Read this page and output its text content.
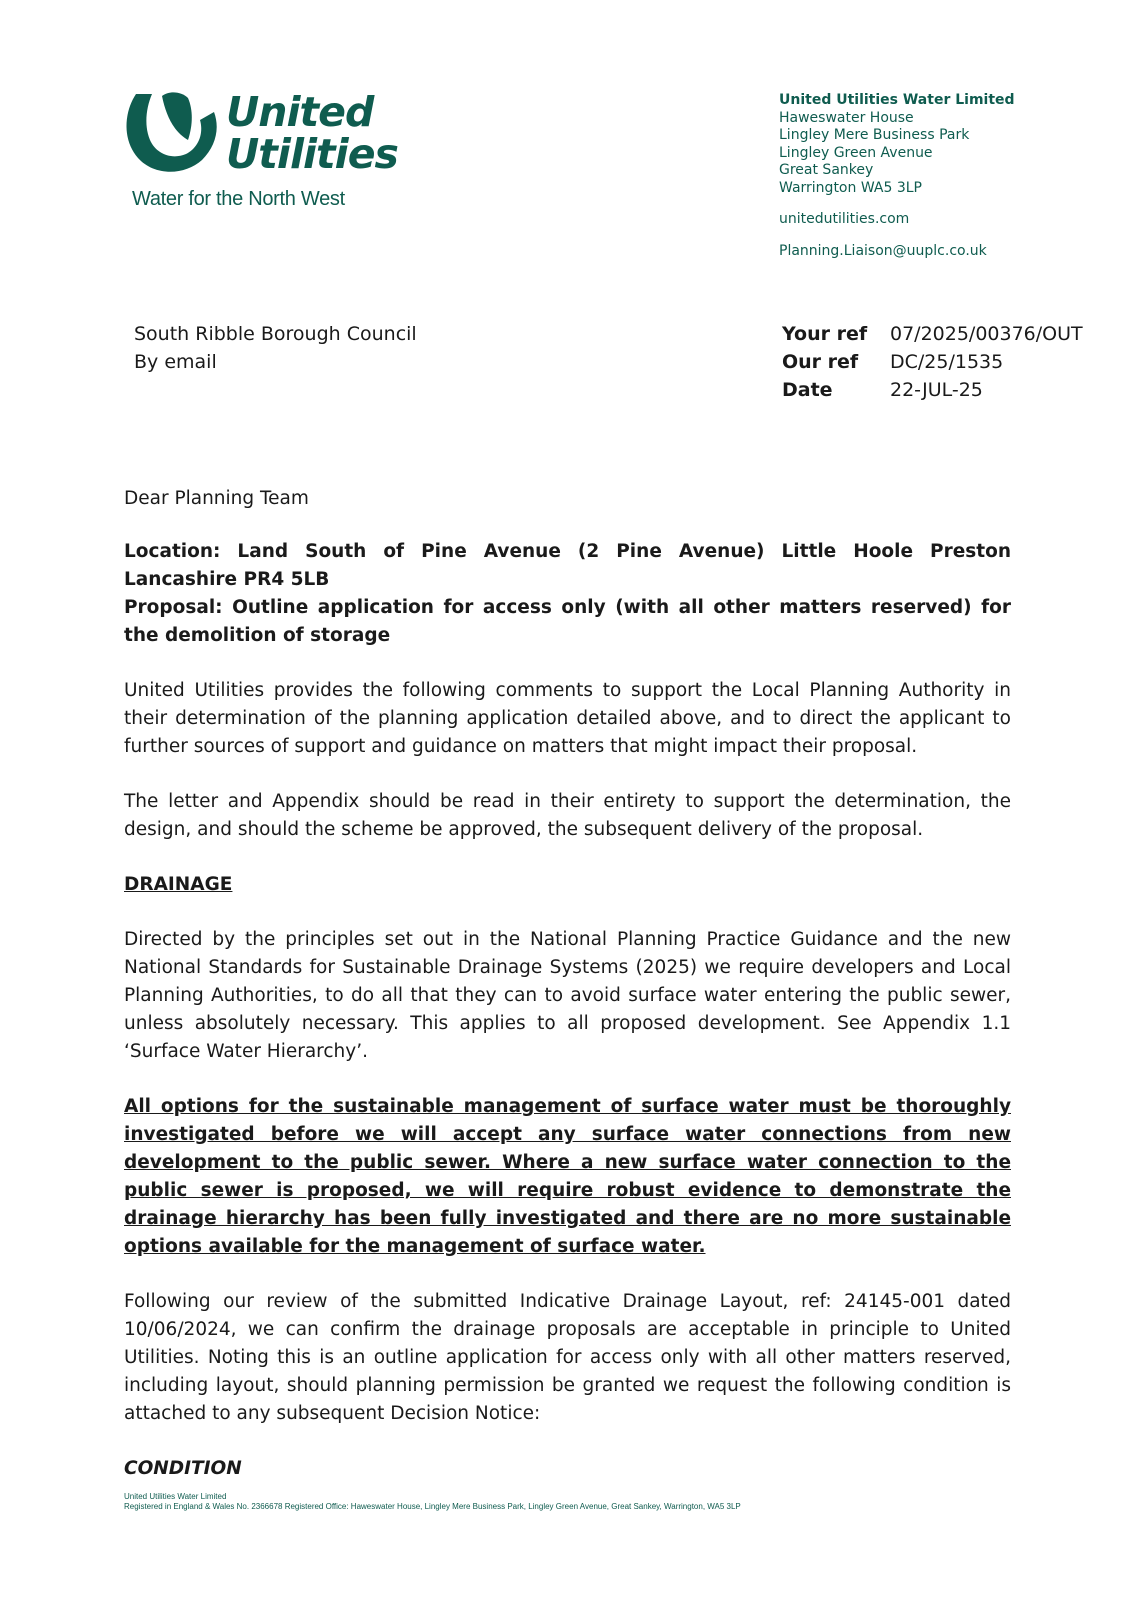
United
Utilities
Water for the North West
United Utilities Water Limited
Haweswater House
Lingley Mere Business Park
Lingley Green Avenue
Great Sankey
Warrington WA5 3LP
unitedutilities.com
Planning.Liaison@uuplc.co.uk
South Ribble Borough Council
By email
Your ref	07/2025/00376/OUT
Our ref	DC/25/1535
Date	22-JUL-25

Dear Planning Team

Location: Land South of Pine Avenue (2 Pine Avenue) Little Hoole Preston Lancashire PR4 5LB

Proposal: Outline application for access only (with all other matters reserved) for the demolition of storage

United Utilities provides the following comments to support the Local Planning Authority in their determination of the planning application detailed above, and to direct the applicant to further sources of support and guidance on matters that might impact their proposal.

The letter and Appendix should be read in their entirety to support the determination, the design, and should the scheme be approved, the subsequent delivery of the proposal.

DRAINAGE

Directed by the principles set out in the National Planning Practice Guidance and the new National Standards for Sustainable Drainage Systems (2025) we require developers and Local Planning Authorities, to do all that they can to avoid surface water entering the public sewer, unless absolutely necessary. This applies to all proposed development. See Appendix 1.1 ‘Surface Water Hierarchy’.

All options for the sustainable management of surface water must be thoroughly investigated before we will accept any surface water connections from new development to the public sewer. Where a new surface water connection to the public sewer is proposed, we will require robust evidence to demonstrate the drainage hierarchy has been fully investigated and there are no more sustainable options available for the management of surface water.

Following our review of the submitted Indicative Drainage Layout, ref: 24145-001 dated 10/06/2024, we can confirm the drainage proposals are acceptable in principle to United Utilities. Noting this is an outline application for access only with all other matters reserved, including layout, should planning permission be granted we request the following condition is attached to any subsequent Decision Notice:

CONDITION

United Utilities Water Limited
Registered in England & Wales No. 2366678 Registered Office: Haweswater House, Lingley Mere Business Park, Lingley Green Avenue, Great Sankey, Warrington, WA5 3LP
